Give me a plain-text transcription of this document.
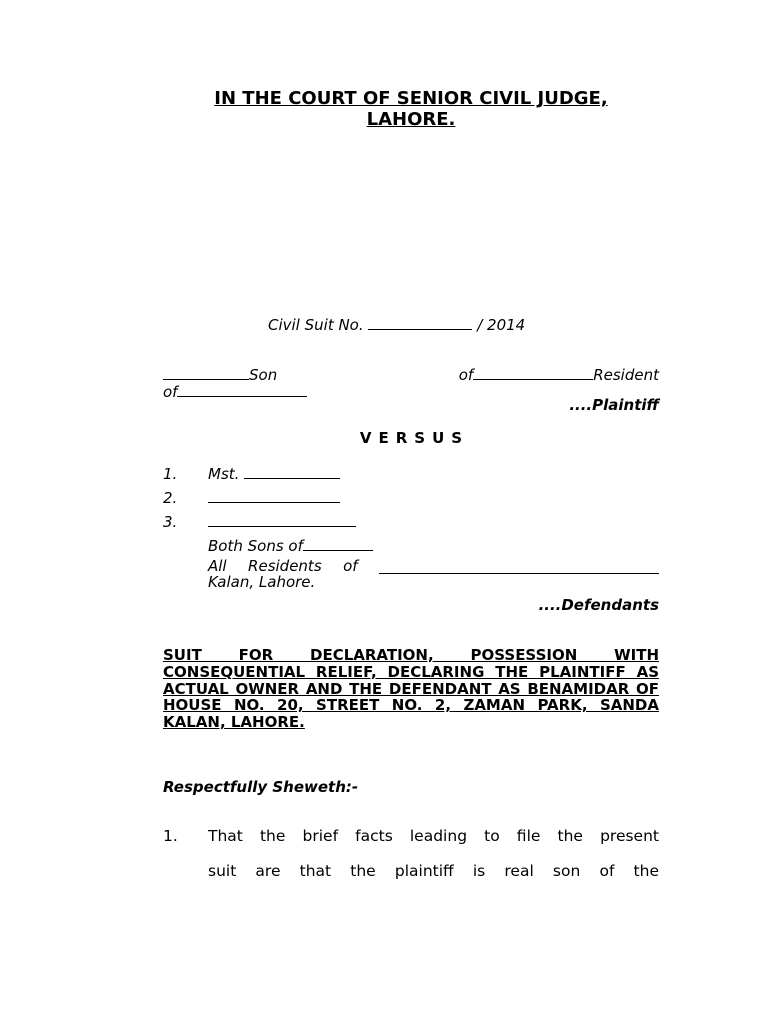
IN THE COURT OF SENIOR CIVIL JUDGE,
LAHORE.
Civil Suit No.	/ 2014
Son	of	Resident
of
....Plaintiff
VERSUS
1. Mst.
2.
3.
Both Sons of
All Residents of
Kalan, Lahore.
....Defendants
SUIT FOR DECLARATION, POSSESSION WITH CONSEQUENTIAL RELIEF, DECLARING THE PLAINTIFF AS ACTUAL OWNER AND THE DEFENDANT AS BENAMIDAR OF HOUSE NO. 20, STREET NO. 2, ZAMAN PARK, SANDA KALAN, LAHORE.
Respectfully Sheweth:-
1.	That the brief facts leading to file the present
suit are that the plaintiff is real son of the
